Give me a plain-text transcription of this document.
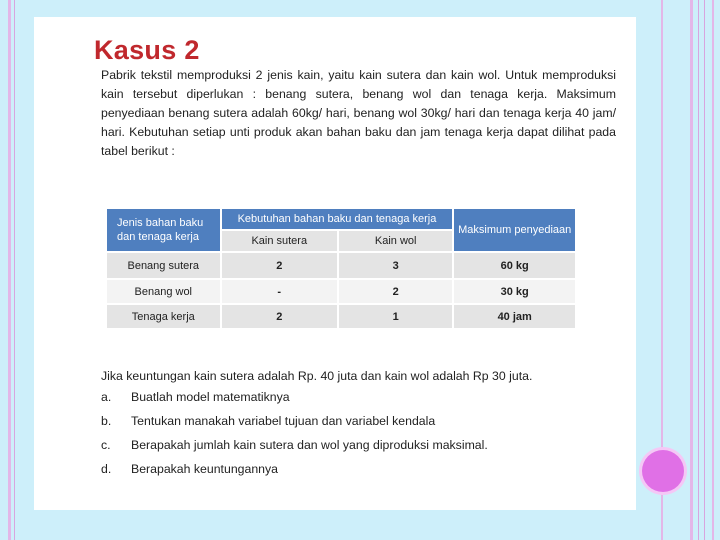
Kasus 2
Pabrik tekstil memproduksi 2 jenis kain, yaitu kain sutera dan kain wol. Untuk memproduksi kain tersebut diperlukan : benang sutera, benang wol dan tenaga kerja. Maksimum penyediaan benang sutera adalah 60kg/ hari, benang wol 30kg/ hari dan tenaga kerja 40 jam/ hari. Kebutuhan setiap unti produk akan bahan baku dan jam tenaga kerja dapat dilihat pada tabel berikut :
Jenis bahan baku dan tenaga kerja	Kebutuhan bahan baku dan tenaga kerja		Maksimum penyediaan
	Kain sutera	Kain wol	
Benang sutera	2	3	60 kg
Benang wol	-	2	30 kg
Tenaga kerja	2	1	40 jam
Jika keuntungan kain sutera adalah Rp. 40 juta dan kain wol adalah Rp 30 juta.
a.	Buatlah model matematiknya
b.	Tentukan manakah variabel tujuan dan variabel kendala
c.	Berapakah jumlah kain sutera dan wol yang diproduksi maksimal.
d.	Berapakah keuntungannya
